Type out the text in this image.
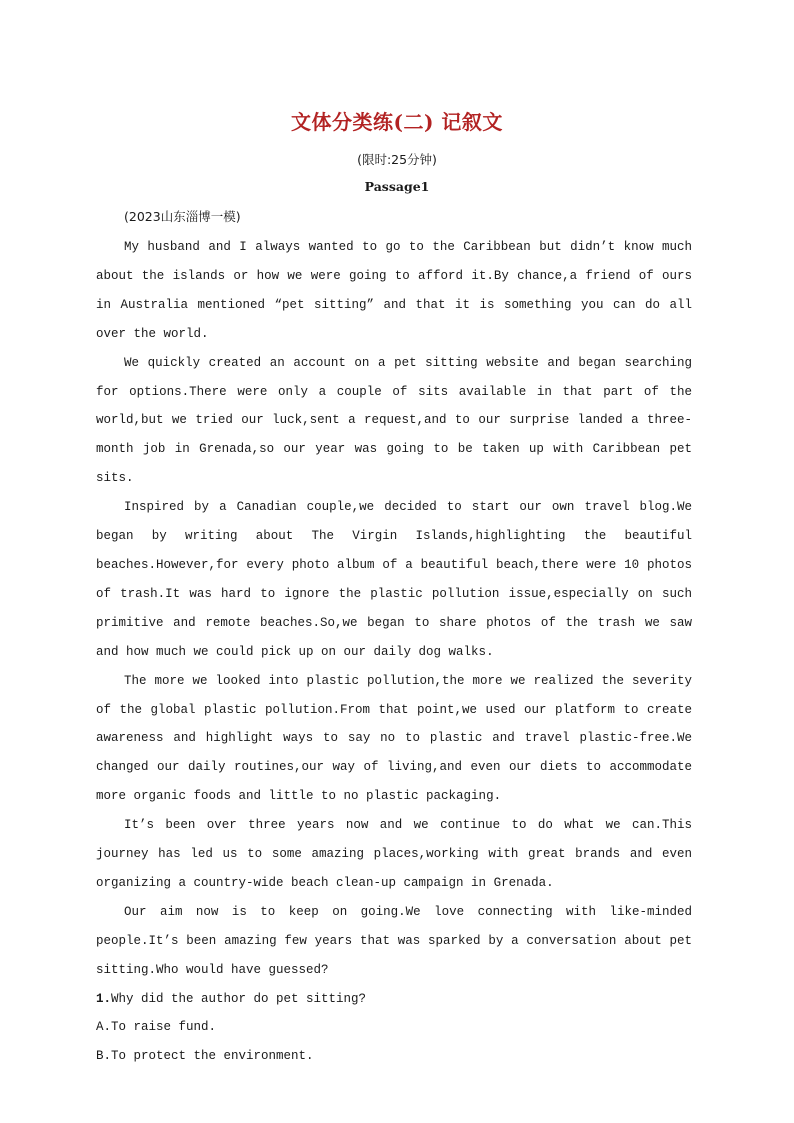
文体分类练(二) 记叙文
(限时:25分钟)
Passage1
(2023山东淄博一模)

My husband and I always wanted to go to the Caribbean but didn’t know much about the islands or how we were going to afford it.By chance,a friend of ours in Australia mentioned “pet sitting” and that it is something you can do all over the world.

We quickly created an account on a pet sitting website and began searching for options.There were only a couple of sits available in that part of the world,but we tried our luck,sent a request,and to our surprise landed a three-month job in Grenada,so our year was going to be taken up with Caribbean pet sits.

Inspired by a Canadian couple,we decided to start our own travel blog.We began by writing about The Virgin Islands,highlighting the beautiful beaches.However,for every photo album of a beautiful beach,there were 10 photos of trash.It was hard to ignore the plastic pollution issue,especially on such primitive and remote beaches.So,we began to share photos of the trash we saw and how much we could pick up on our daily dog walks.

The more we looked into plastic pollution,the more we realized the severity of the global plastic pollution.From that point,we used our platform to create awareness and highlight ways to say no to plastic and travel plastic-free.We changed our daily routines,our way of living,and even our diets to accommodate more organic foods and little to no plastic packaging.

It’s been over three years now and we continue to do what we can.This journey has led us to some amazing places,working with great brands and even organizing a country-wide beach clean-up campaign in Grenada.

Our aim now is to keep on going.We love connecting with like-minded people.It’s been amazing few years that was sparked by a conversation about pet sitting.Who would have guessed?

1.Why did the author do pet sitting?

A.To raise fund.

B.To protect the environment.
